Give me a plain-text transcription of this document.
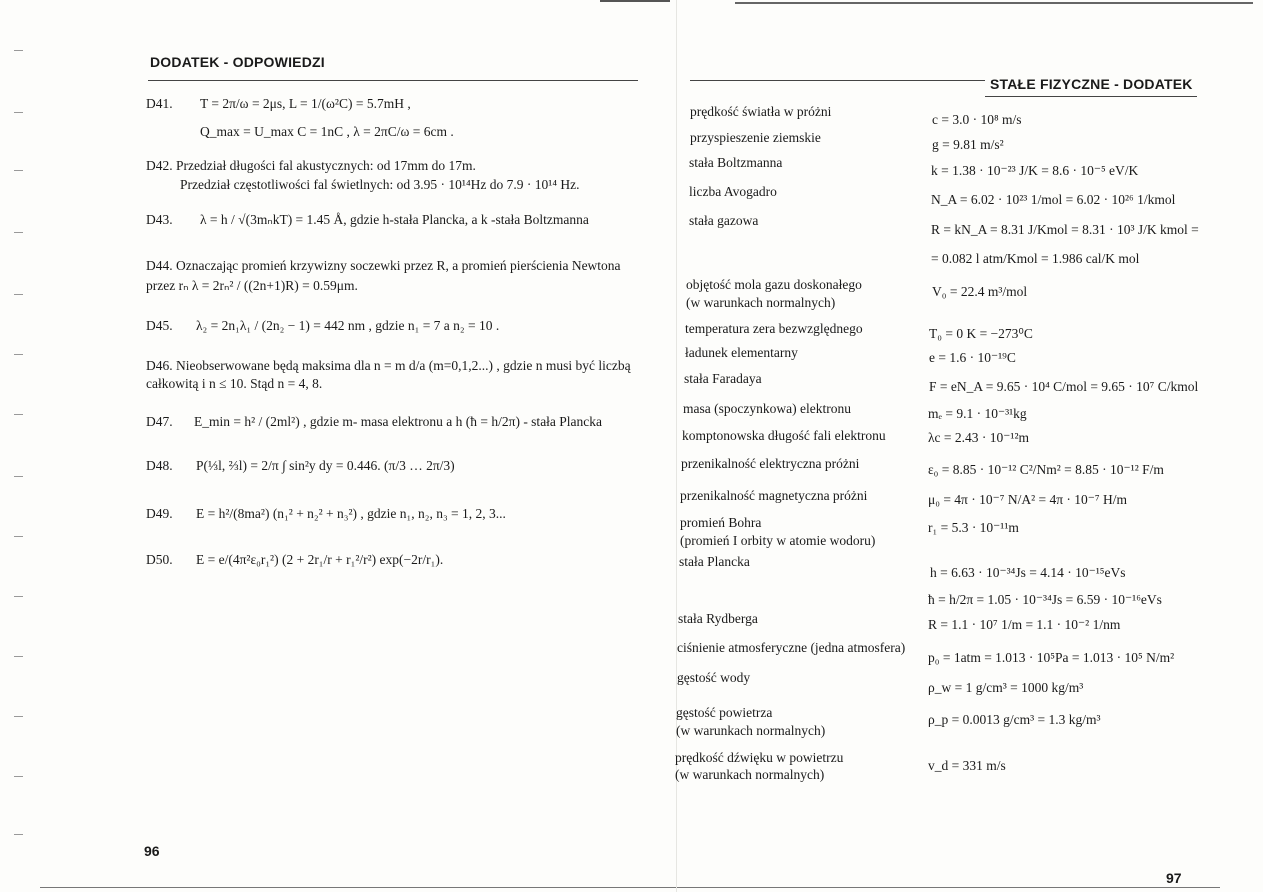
DODATEK - ODPOWIEDZI
D41. T = 2π/ω = 2μs, L = 1/(ω²C) = 5.7mH ,
Q_max = U_max C = 1nC , λ = 2πC/ω = 6cm .
D42. Przedział długości fal akustycznych: od 17mm do 17m.
Przedział częstotliwości fal świetlnych: od 3.95 · 10¹⁴Hz do 7.9 · 10¹⁴ Hz.
D43. λ = h / √(3mₙkT) = 1.45 Å, gdzie h-stała Plancka, a k -stała Boltzmanna
D44. Oznaczając promień krzywizny soczewki przez R, a promień pierścienia Newtona
przez rₙ λ = 2rₙ² / ((2n+1)R) = 0.59μm.
D45. λ₂ = 2n₁λ₁ / (2n₂ − 1) = 442 nm , gdzie n₁ = 7 a n₂ = 10 .
D46. Nieobserwowane będą maksima dla n = m d/a (m=0,1,2...) , gdzie n musi być liczbą
całkowitą i n ≤ 10. Stąd n = 4, 8.
D47. E_min = h² / (2ml²) , gdzie m- masa elektronu a h (ħ = h/2π) - stała Plancka
D48. P(⅓l, ⅔l) = 2/π ∫ sin²y dy = 0.446. (π/3 … 2π/3)
D49. E = h²/(8ma²) (n₁² + n₂² + n₃²) , gdzie n₁, n₂, n₃ = 1, 2, 3...
D50. E = e/(4π²ε₀r₁²) (2 + 2r₁/r + r₁²/r²) exp(−2r/r₁).
96
STAŁE FIZYCZNE - DODATEK
prędkość światła w próżni
przyspieszenie ziemskie
stała Boltzmanna
liczba Avogadro
stała gazowa
objętość mola gazu doskonałego
(w warunkach normalnych)
temperatura zera bezwzględnego
ładunek elementarny
stała Faradaya
masa (spoczynkowa) elektronu
komptonowska długość fali elektronu
przenikalność elektryczna próżni
przenikalność magnetyczna próżni
promień Bohra
(promień I orbity w atomie wodoru)
stała Plancka
stała Rydberga
ciśnienie atmosferyczne (jedna atmosfera)
gęstość wody
gęstość powietrza
(w warunkach normalnych)
prędkość dźwięku w powietrzu
(w warunkach normalnych)
c = 3.0 · 10⁸ m/s
g = 9.81 m/s²
k = 1.38 · 10⁻²³ J/K = 8.6 · 10⁻⁵ eV/K
N_A = 6.02 · 10²³ 1/mol = 6.02 · 10²⁶ 1/kmol
R = kN_A = 8.31 J/Kmol = 8.31 · 10³ J/K kmol =
= 0.082 l atm/Kmol = 1.986 cal/K mol
V₀ = 22.4 m³/mol
T₀ = 0 K = −273⁰C
e = 1.6 · 10⁻¹⁹C
F = eN_A = 9.65 · 10⁴ C/mol = 9.65 · 10⁷ C/kmol
mₑ = 9.1 · 10⁻³¹kg
λc = 2.43 · 10⁻¹²m
ε₀ = 8.85 · 10⁻¹² C²/Nm² = 8.85 · 10⁻¹² F/m
μ₀ = 4π · 10⁻⁷ N/A² = 4π · 10⁻⁷ H/m
r₁ = 5.3 · 10⁻¹¹m
h = 6.63 · 10⁻³⁴Js = 4.14 · 10⁻¹⁵eVs
ħ = h/2π = 1.05 · 10⁻³⁴Js = 6.59 · 10⁻¹⁶eVs
R = 1.1 · 10⁷ 1/m = 1.1 · 10⁻² 1/nm
p₀ = 1atm = 1.013 · 10⁵Pa = 1.013 · 10⁵ N/m²
ρ_w = 1 g/cm³ = 1000 kg/m³
ρ_p = 0.0013 g/cm³ = 1.3 kg/m³
v_d = 331 m/s
97
